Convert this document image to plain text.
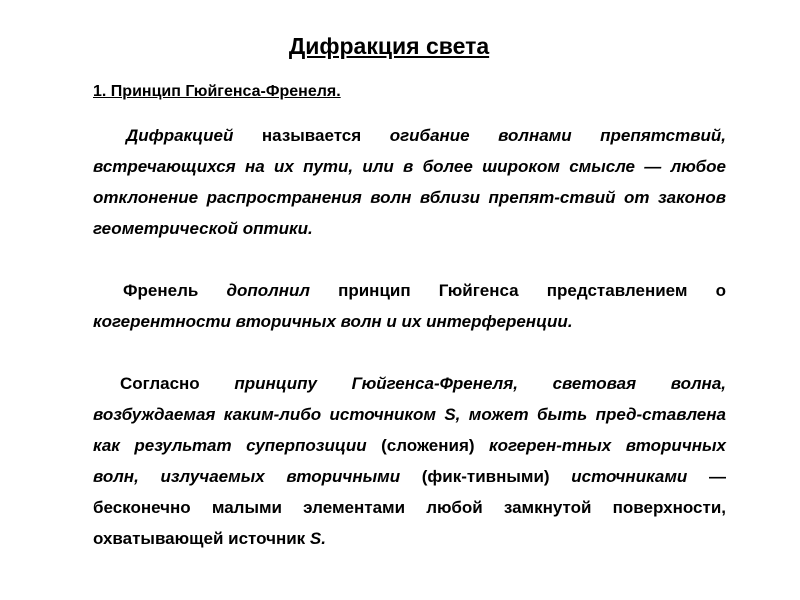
Дифракция света
1. Принцип Гюйгенса-Френеля.

Дифракцией называется огибание волнами препятствий, встречающихся на их пути, или в более широком смысле — любое отклонение распространения волн вблизи препят-ствий от законов геометрической оптики.

Френель дополнил принцип Гюйгенса представлением о когерентности вторичных волн и их интерференции.

Согласно принципу Гюйгенса-Френеля, световая волна, возбуждаемая каким-либо источником S, может быть пред-ставлена как результат суперпозиции (сложения) когерен-тных вторичных волн, излучаемых вторичными (фик-тивными) источниками — бесконечно малыми элементами любой замкнутой поверхности, охватывающей источник S.
